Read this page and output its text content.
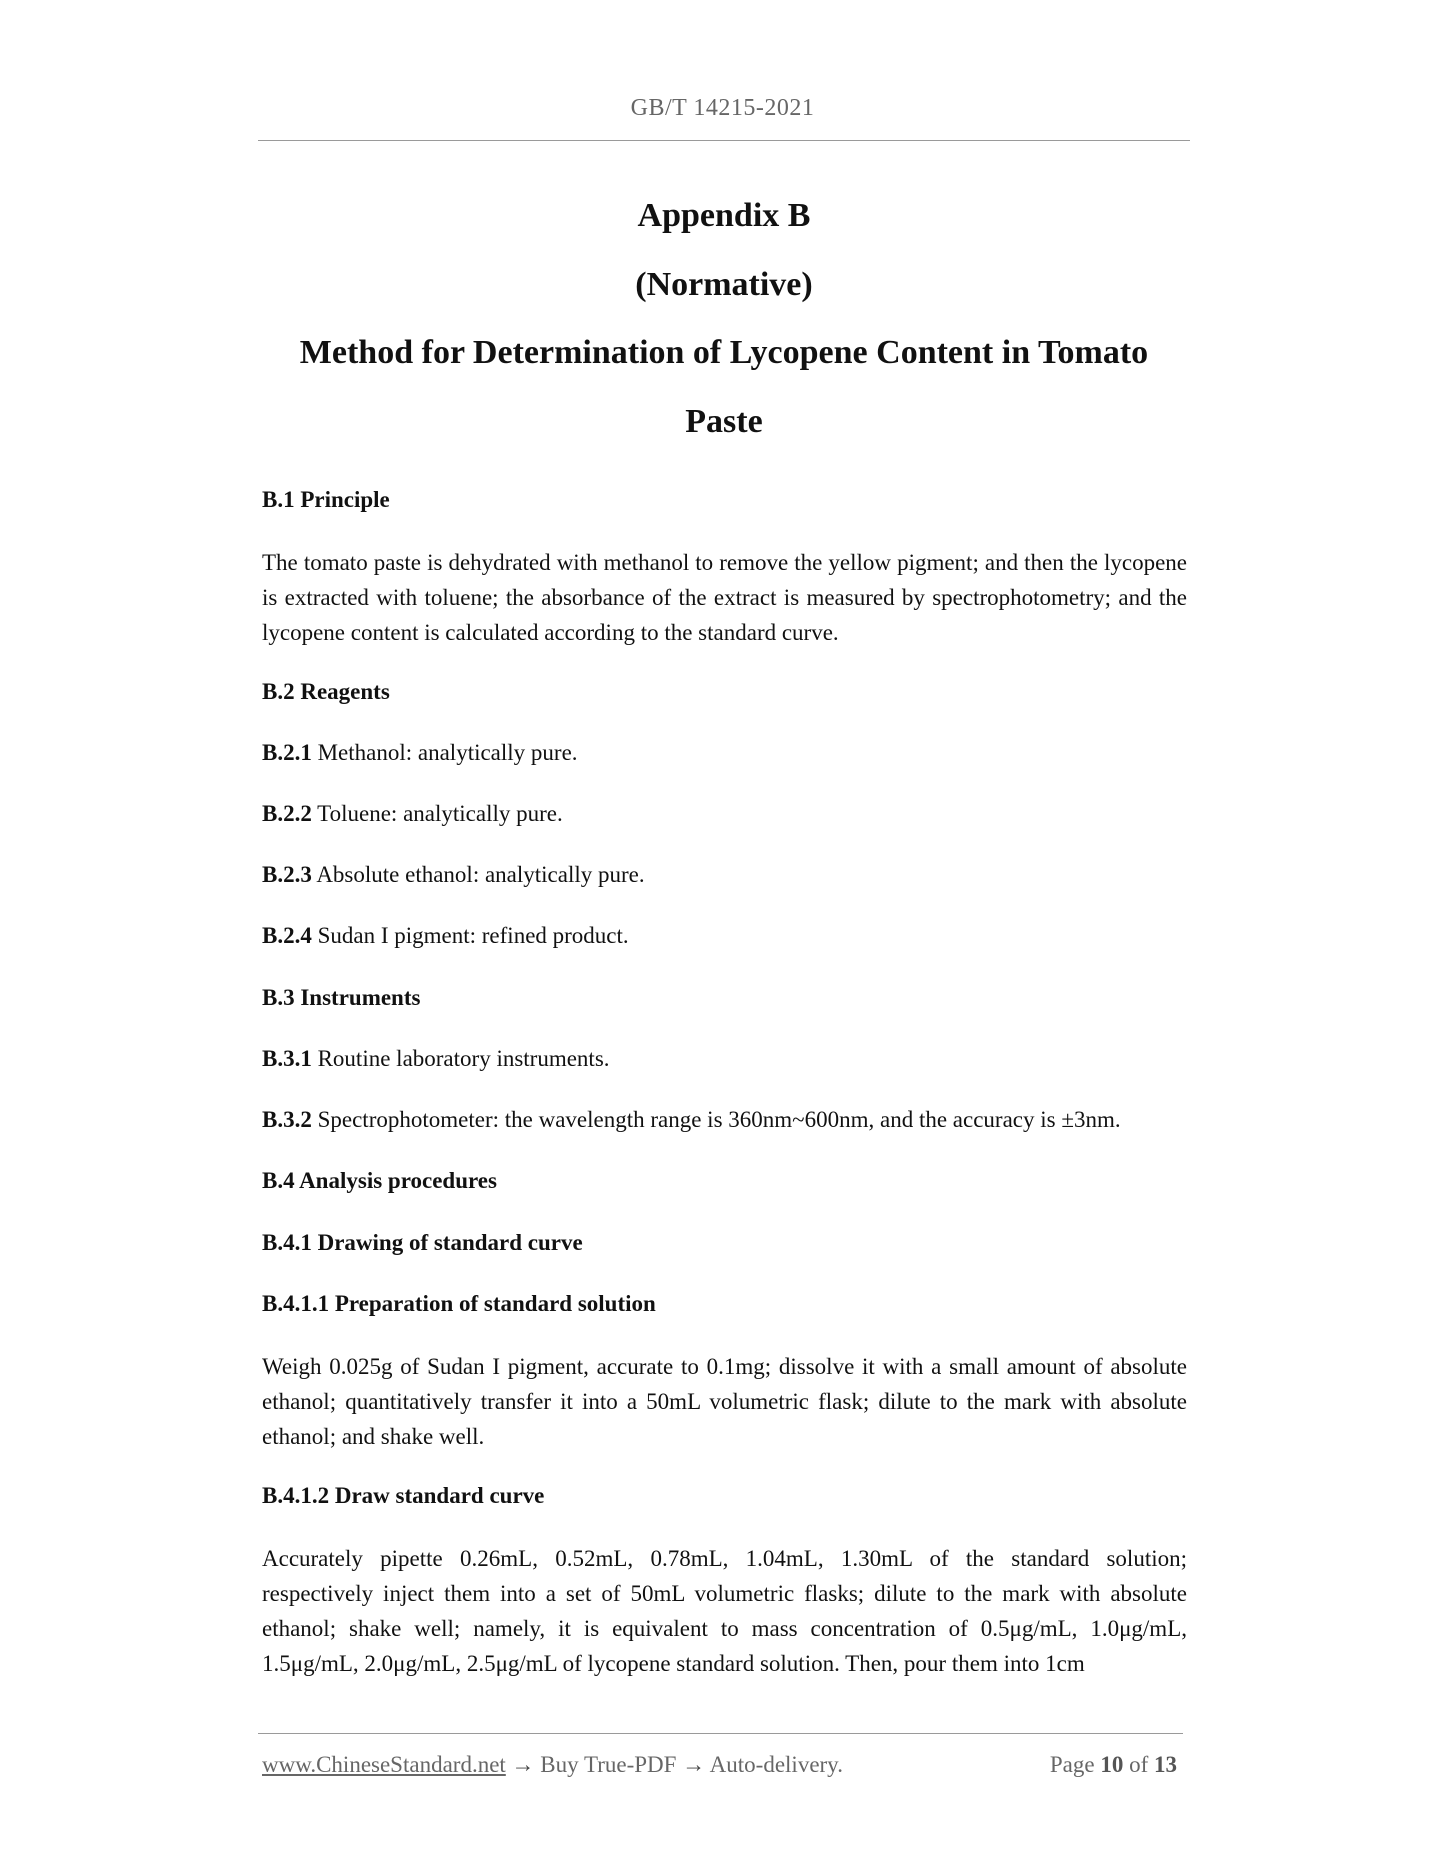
GB/T 14215-2021
Appendix B
(Normative)
Method for Determination of Lycopene Content in Tomato
Paste
B.1 Principle
The tomato paste is dehydrated with methanol to remove the yellow pigment; and then the lycopene is extracted with toluene; the absorbance of the extract is measured by spectrophotometry; and the lycopene content is calculated according to the standard curve.
B.2 Reagents
B.2.1 Methanol: analytically pure.
B.2.2 Toluene: analytically pure.
B.2.3 Absolute ethanol: analytically pure.
B.2.4 Sudan I pigment: refined product.
B.3 Instruments
B.3.1 Routine laboratory instruments.
B.3.2 Spectrophotometer: the wavelength range is 360nm~600nm, and the accuracy is ±3nm.
B.4 Analysis procedures
B.4.1 Drawing of standard curve
B.4.1.1 Preparation of standard solution
Weigh 0.025g of Sudan I pigment, accurate to 0.1mg; dissolve it with a small amount of absolute ethanol; quantitatively transfer it into a 50mL volumetric flask; dilute to the mark with absolute ethanol; and shake well.
B.4.1.2 Draw standard curve
Accurately pipette 0.26mL, 0.52mL, 0.78mL, 1.04mL, 1.30mL of the standard solution; respectively inject them into a set of 50mL volumetric flasks; dilute to the mark with absolute ethanol; shake well; namely, it is equivalent to mass concentration of 0.5μg/mL, 1.0μg/mL, 1.5μg/mL, 2.0μg/mL, 2.5μg/mL of lycopene standard solution. Then, pour them into 1cm
www.ChineseStandard.net → Buy True-PDF → Auto-delivery.	Page 10 of 13
